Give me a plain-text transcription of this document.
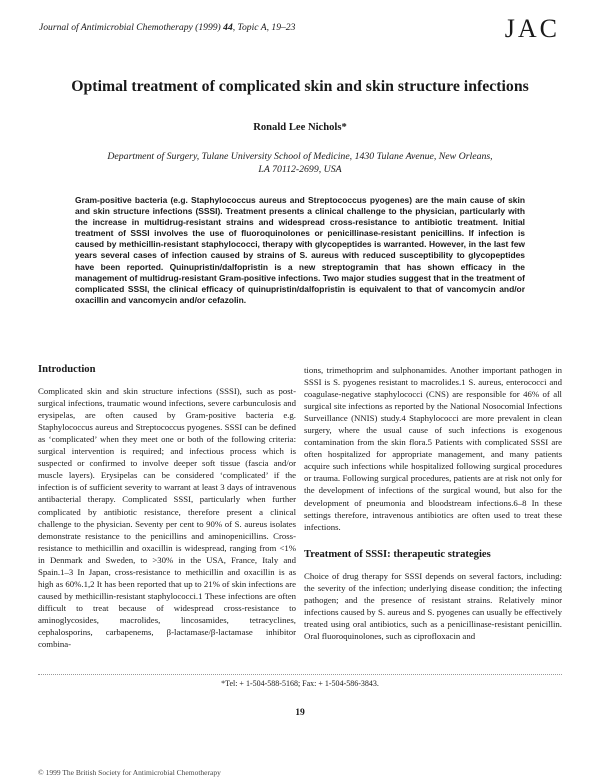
Journal of Antimicrobial Chemotherapy (1999) 44, Topic A, 19–23	JAC
Optimal treatment of complicated skin and skin structure infections
Ronald Lee Nichols*
Department of Surgery, Tulane University School of Medicine, 1430 Tulane Avenue, New Orleans,
LA 70112-2699, USA
Gram-positive bacteria (e.g. Staphylococcus aureus and Streptococcus pyogenes) are the main cause of skin and skin structure infections (SSSI). Treatment presents a clinical challenge to the physician, particularly with the increase in multidrug-resistant strains and widespread cross-resistance to antibiotic treatment. Initial treatment of SSSI involves the use of fluoroquinolones or penicillinase-resistant penicillins. If infection is caused by methicillin-resistant staphylococci, therapy with glycopeptides is warranted. However, in the last few years several cases of infection caused by strains of S. aureus with reduced susceptibility to glycopeptides have been reported. Quinupristin/dalfopristin is a new streptogramin that has shown efficacy in the management of multidrug-resistant Gram-positive infections. Two major studies suggest that in the treatment of complicated SSSI, the clinical efficacy of quinupristin/dalfopristin is equivalent to that of vancomycin and/or oxacillin and vancomycin and/or cefazolin.
Introduction

Complicated skin and skin structure infections (SSSI), such as post-surgical infections, traumatic wound infections, severe carbunculosis and erysipelas, are often caused by Gram-positive bacteria e.g. Staphylococcus aureus and Streptococcus pyogenes. SSSI can be defined as ‘complicated’ when they meet one or both of the following criteria: surgical intervention is required; and infectious process which is suspected or confirmed to involve deeper soft tissue (fascia and/or muscle layers). Erysipelas can be considered ‘complicated’ if the infection is of sufficient severity to warrant at least 3 days of intravenous antibacterial therapy. Complicated SSSI, particularly when further complicated by antibiotic resistance, therefore present a clinical challenge to the physician. Seventy per cent to 90% of S. aureus isolates demonstrate resistance to the penicillins and aminopenicillins. Cross-resistance to methicillin and oxacillin is widespread, ranging from <1% in Denmark and Sweden, to >30% in the USA, France, Italy and Spain.1–3 In Japan, cross-resistance to methicillin and oxacillin is as high as 60%.1,2 It has been reported that up to 21% of skin infections are caused by methicillin-resistant staphylococci.1 These infections are often difficult to treat because of widespread cross-resistance to aminoglycosides, macrolides, lincosamides, tetracyclines, cephalosporins, carbapenems, β-lactamase/β-lactamase inhibitor combina-

tions, trimethoprim and sulphonamides. Another important pathogen in SSSI is S. pyogenes resistant to macrolides.1 S. aureus, enterococci and coagulase-negative staphylococci (CNS) are responsible for 46% of all surgical site infections as reported by the National Nosocomial Infections Surveillance (NNIS) study.4 Staphylococci are more prevalent in clean surgery, where the usual cause of such infections is exogenous contamination from the skin flora.5 Patients with complicated SSSI are often hospitalized for appropriate management, and many patients acquire such infections while hospitalized following surgical procedures or trauma. Following surgical procedures, patients are at risk not only for the development of infections of the surgical wound, but also for the development of pneumonia and bloodstream infections.6–8 In these settings therefore, intravenous antibiotics are often used to treat these infections.

Treatment of SSSI: therapeutic strategies

Choice of drug therapy for SSSI depends on several factors, including: the severity of the infection; underlying disease condition; the infecting pathogen; and the presence of resistant strains. Relatively minor infections caused by S. aureus and S. pyogenes can usually be effectively treated using oral antibiotics, such as a penicillinase-resistant penicillin. Oral fluoroquinolones, such as ciprofloxacin and

*Tel: + 1-504-588-5168; Fax: + 1-504-586-3843.
19
© 1999 The British Society for Antimicrobial Chemotherapy
